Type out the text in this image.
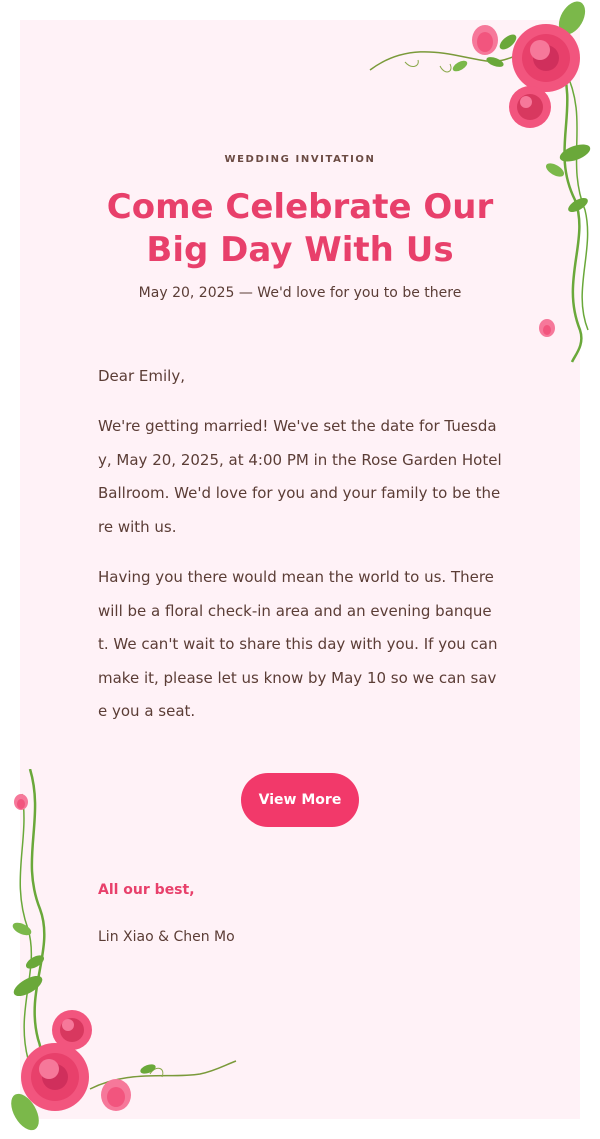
WEDDING INVITATION
Come Celebrate Our Big Day With Us
May 20, 2025 — We'd love for you to be there
Dear Emily,

We're getting married! We've set the date for Tuesday, May 20, 2025, at 4:00 PM in the Rose Garden Hotel Ballroom. We'd love for you and your family to be there with us.

Having you there would mean the world to us. There will be a floral check-in area and an evening banquet. We can't wait to share this day with you. If you can make it, please let us know by May 10 so we can save you a seat.

View More
All our best,
Lin Xiao & Chen Mo
